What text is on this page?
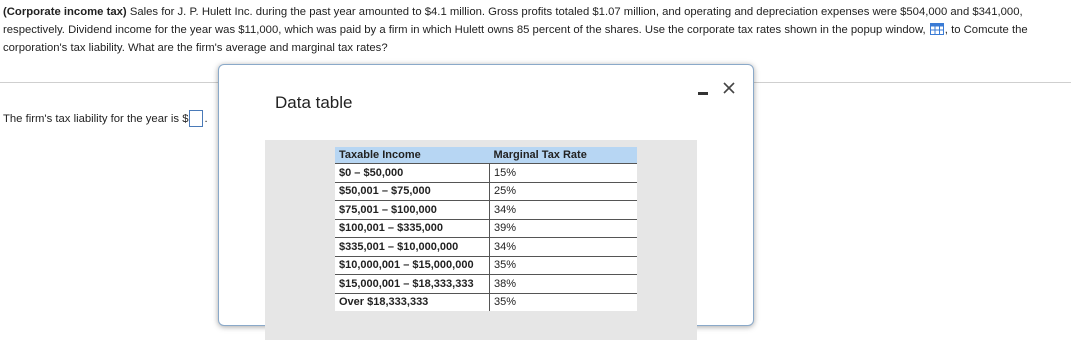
(Corporate income tax) Sales for J. P. Hulett Inc. during the past year amounted to $4.1 million. Gross profits totaled $1.07 million, and operating and depreciation expenses were $504,000 and $341,000, respectively. Dividend income for the year was $11,000, which was paid by a firm in which Hulett owns 85 percent of the shares. Use the corporate tax rates shown in the popup window, , to Comcute the corporation's tax liability. What are the firm's average and marginal tax rates?
The firm's tax liability for the year is $ .
Data table
Taxable Income	Marginal Tax Rate
$0 – $50,000	15%
$50,001 – $75,000	25%
$75,001 – $100,000	34%
$100,001 – $335,000	39%
$335,001 – $10,000,000	34%
$10,000,001 – $15,000,000	35%
$15,000,001 – $18,333,333	38%
Over $18,333,333	35%
